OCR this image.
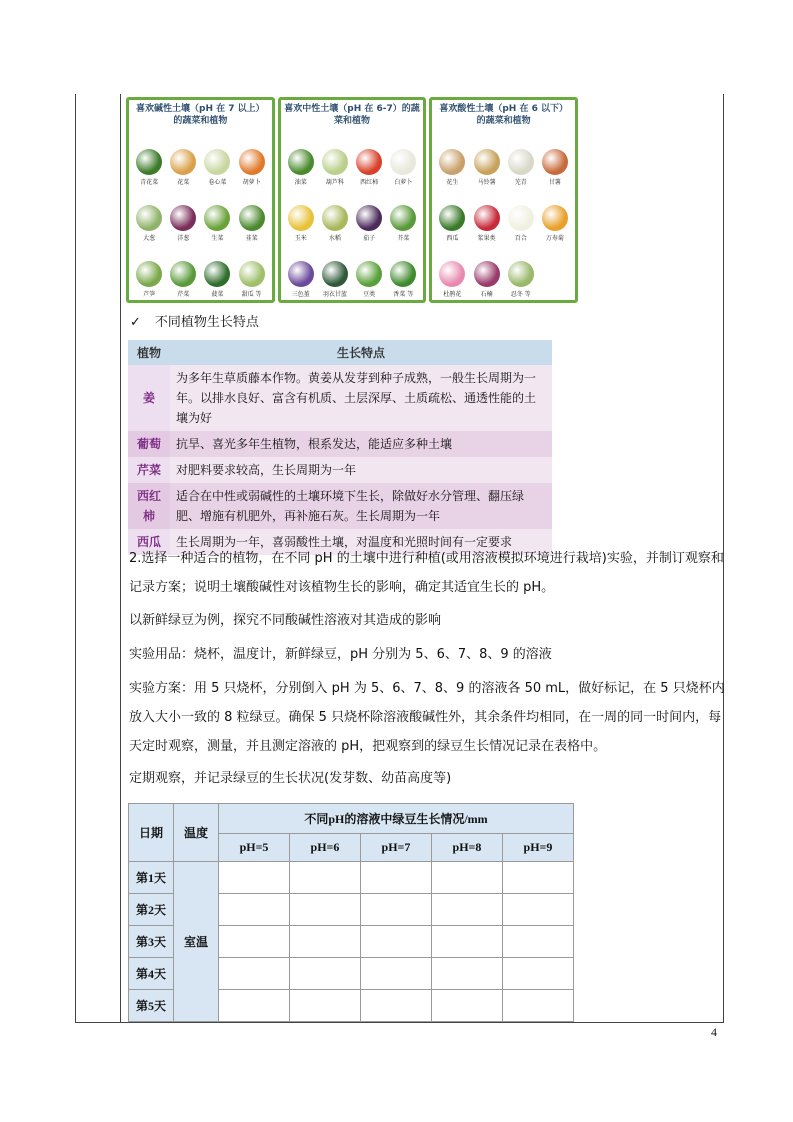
喜欢碱性土壤（pH 在 7 以上）的蔬菜和植物
青花菜	花菜	卷心菜	胡萝卜
大葱	洋葱	生菜	韭菜
芦笋	芹菜	菠菜	甜瓜 等
喜欢中性土壤（pH 在 6-7）的蔬菜和植物
油菜	葫芦科	西红柿	白萝卜
玉米	水稻	茄子	芥菜
三色堇 羽衣甘蓝	豆类	香菜 等
喜欢酸性土壤（pH 在 6 以下）的蔬菜和植物
花生	马铃薯	芜青	甘薯
西瓜	浆果类	百合	万寿菊
杜鹃花	石楠	忍冬 等
✓ 不同植物生长特点
植物	生长特点
姜	为多年生草质藤本作物。黄姜从发芽到种子成熟，一般生长周期为一年。以排水良好、富含有机质、土层深厚、土质疏松、通透性能的土壤为好
葡萄	抗旱、喜光多年生植物，根系发达，能适应多种土壤
芹菜	对肥料要求较高，生长周期为一年
西红柿	适合在中性或弱碱性的土壤环境下生长，除做好水分管理、翻压绿肥、增施有机肥外，再补施石灰。生长周期为一年
西瓜	生长周期为一年，喜弱酸性土壤，对温度和光照时间有一定要求
2.选择一种适合的植物，在不同 pH 的土壤中进行种植(或用溶液模拟环境进行栽培)实验，并制订观察和记录方案；说明土壤酸碱性对该植物生长的影响，确定其适宜生长的 pH。
以新鲜绿豆为例，探究不同酸碱性溶液对其造成的影响
实验用品：烧杯，温度计，新鲜绿豆，pH 分别为 5、6、7、8、9 的溶液
实验方案：用 5 只烧杯，分别倒入 pH 为 5、6、7、8、9 的溶液各 50 mL，做好标记，在 5 只烧杯内放入大小一致的 8 粒绿豆。确保 5 只烧杯除溶液酸碱性外，其余条件均相同，在一周的同一时间内，每天定时观察，测量，并且测定溶液的 pH，把观察到的绿豆生长情况记录在表格中。
定期观察，并记录绿豆的生长状况(发芽数、幼苗高度等)
日期	温度	不同pH的溶液中绿豆生长情况/mm				
		pH=5	pH=6	pH=7	pH=8	pH=9
第1天	室温					
第2天						
第3天						
第4天						
第5天						
4
